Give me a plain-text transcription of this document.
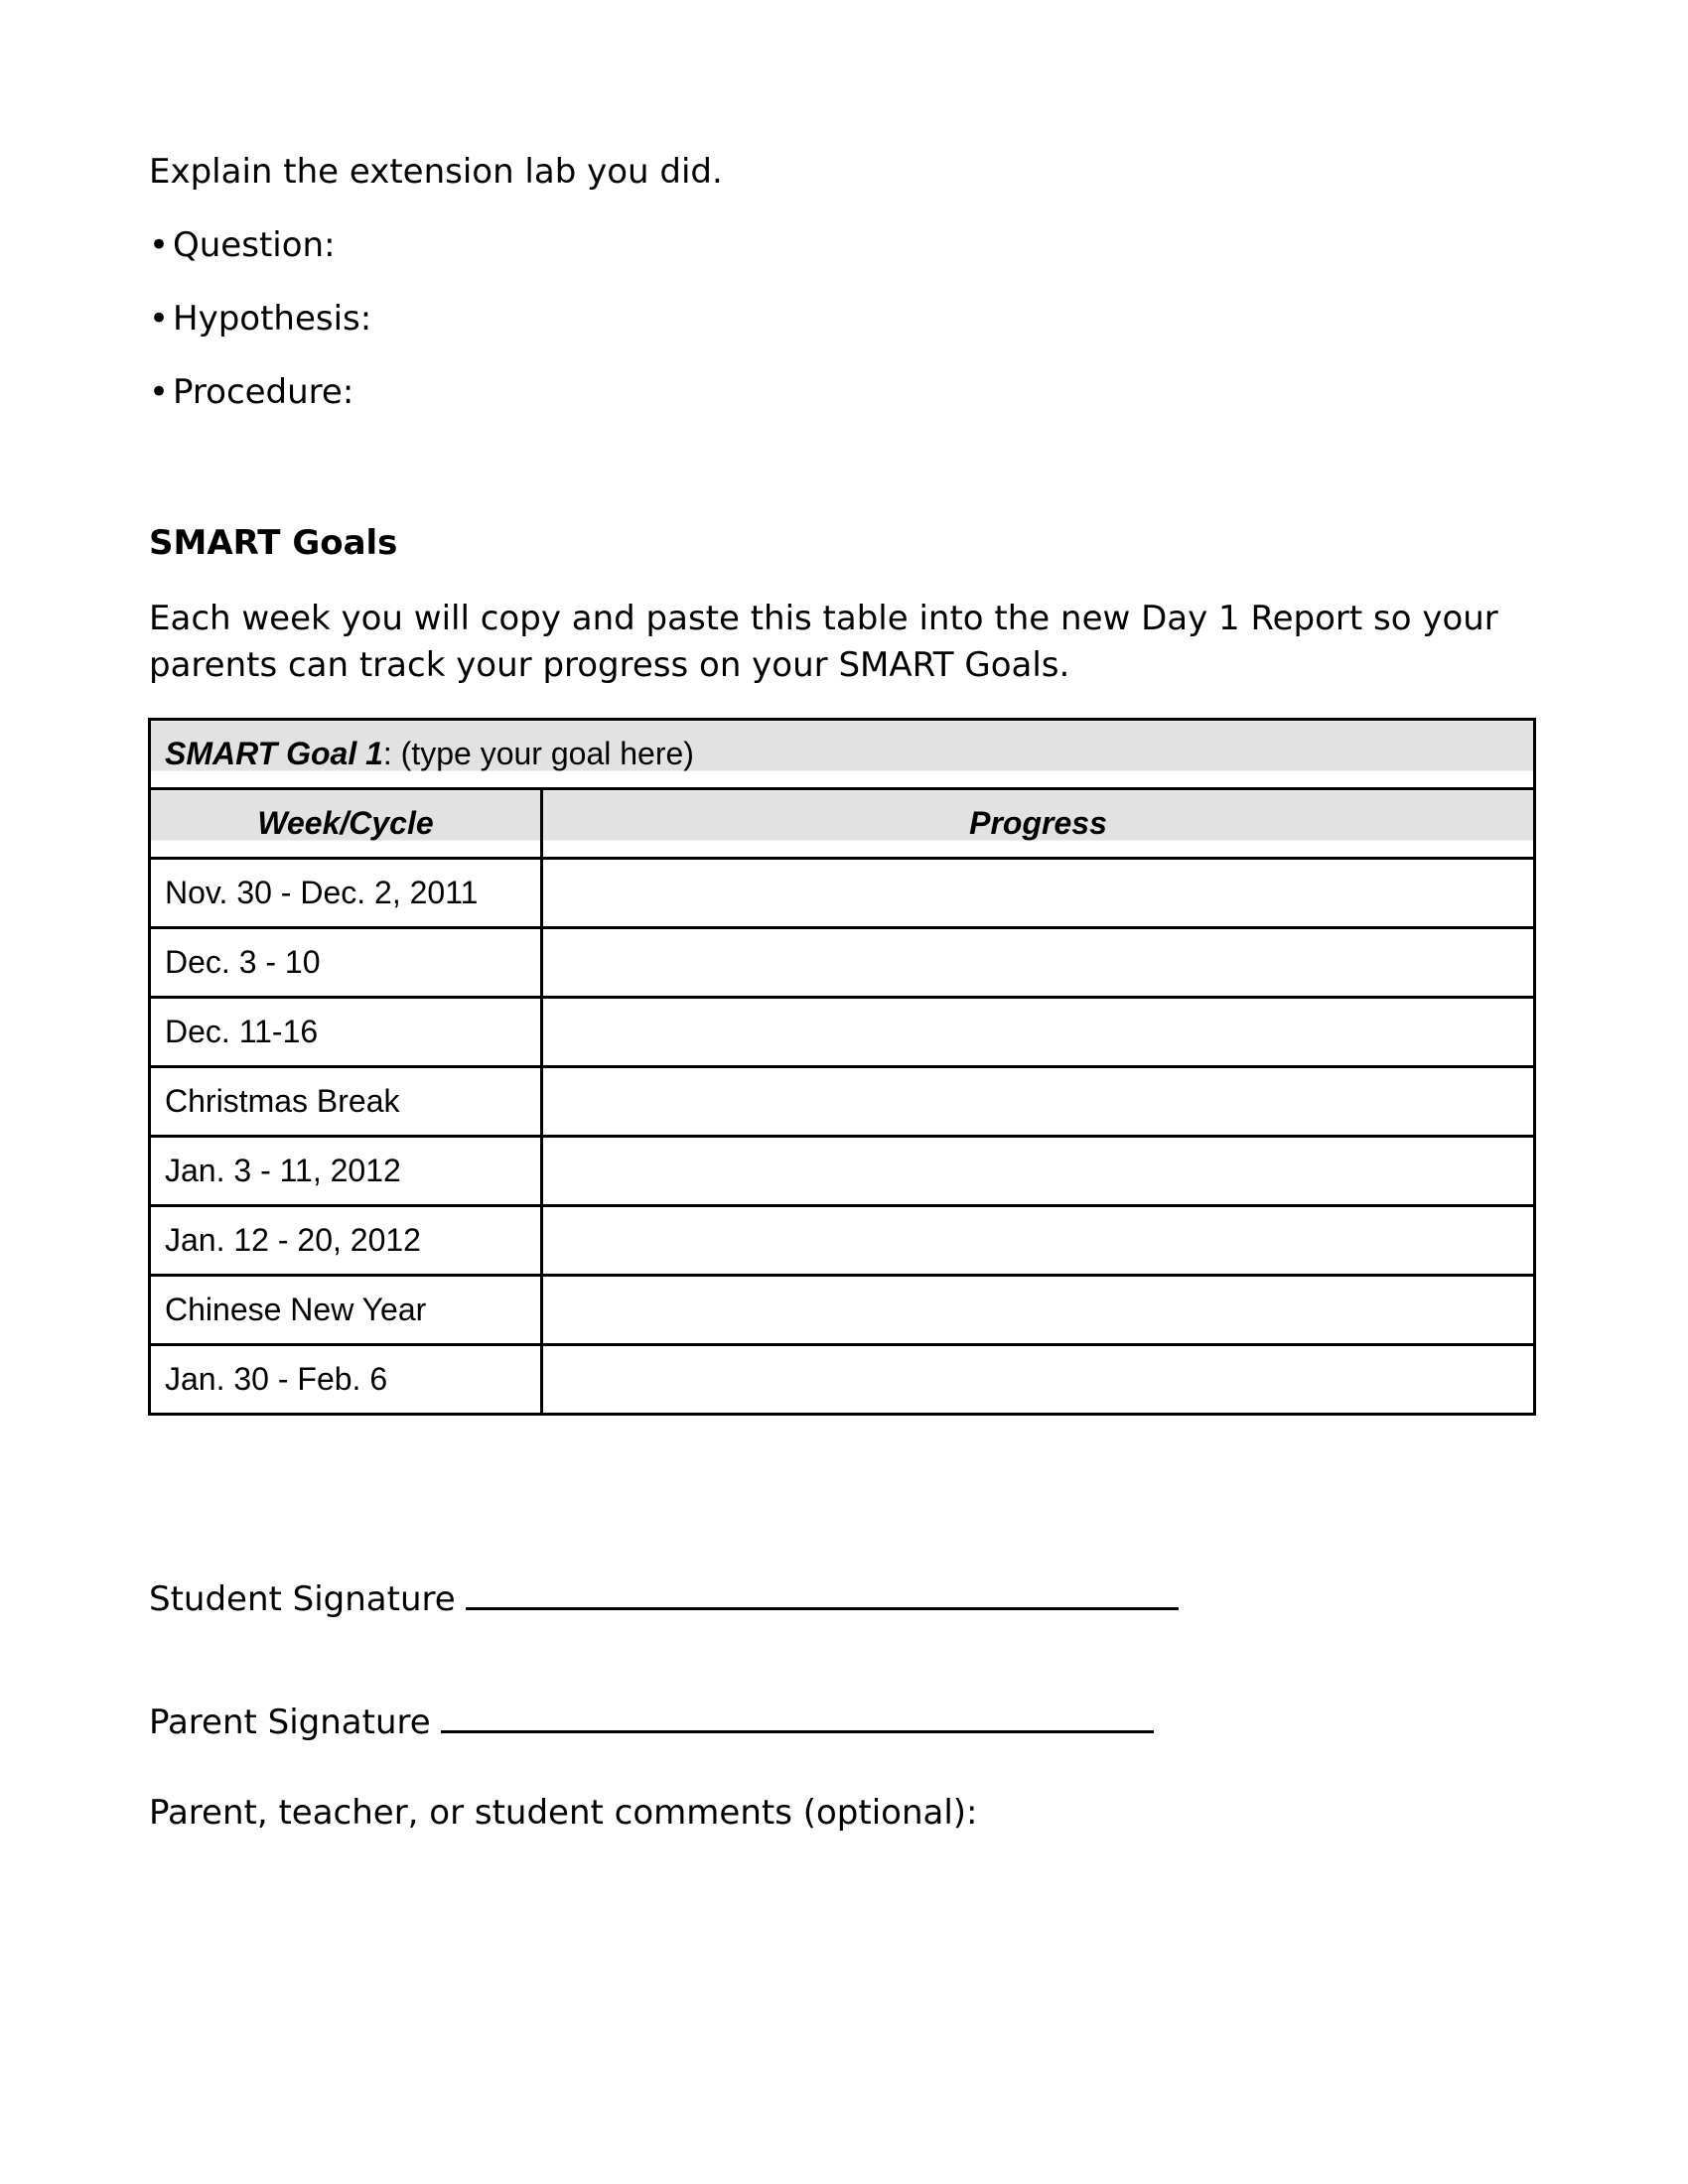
Explain the extension lab you did.
• Question:
• Hypothesis:
• Procedure:
SMART Goals
Each week you will copy and paste this table into the new Day 1 Report so your parents can track your progress on your SMART Goals.
SMART Goal 1: (type your goal here)	
Week/Cycle	Progress
Nov. 30 - Dec. 2, 2011	
Dec. 3 - 10	
Dec. 11-16	
Christmas Break	
Jan. 3 - 11, 2012	
Jan. 12 - 20, 2012	
Chinese New Year	
Jan. 30 - Feb. 6	
Student Signature
Parent Signature
Parent, teacher, or student comments (optional):
